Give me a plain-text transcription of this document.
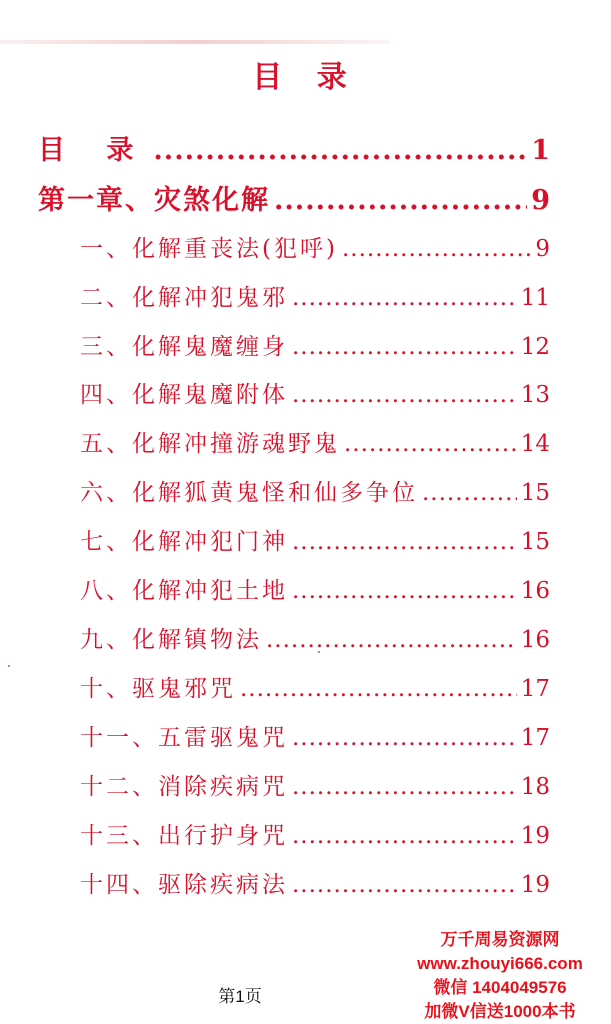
目 录
目 录 .....	1
第一章、灾煞化解 .....	9
一、化解重丧法(犯呼) .....	9
二、化解冲犯鬼邪 .....	11
三、化解鬼魔缠身 .....	12
四、化解鬼魔附体 .....	13
五、化解冲撞游魂野鬼 .....	14
六、化解狐黄鬼怪和仙多争位 .....	15
七、化解冲犯门神 .....	15
八、化解冲犯土地 .....	16
九、化解镇物法 .....	16
十、驱鬼邪咒 .....	17
十一、五雷驱鬼咒 .....	17
十二、消除疾病咒 .....	18
十三、出行护身咒 .....	19
十四、驱除疾病法 .....	19
第1页
万千周易资源网
www.zhouyi666.com
微信 1404049576
加微V信送1000本书
